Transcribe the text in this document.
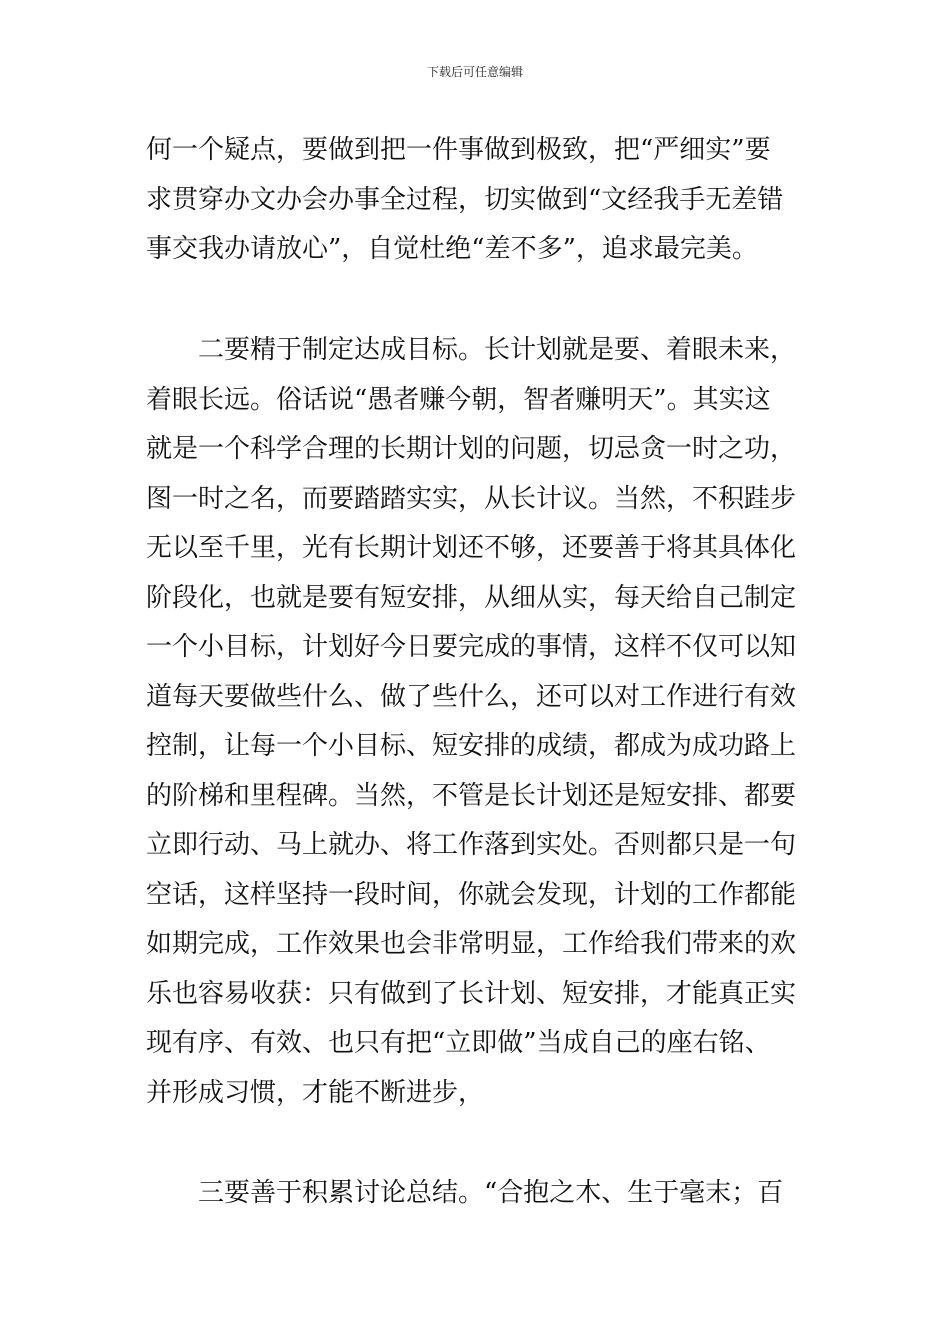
下载后可任意编辑
何一个疑点，要做到把一件事做到极致，把“严细实”要
求贯穿办文办会办事全过程，切实做到“文经我手无差错
事交我办请放心”，自觉杜绝“差不多”，追求最完美。
　　二要精于制定达成目标。长计划就是要、着眼未来，
着眼长远。俗话说“愚者赚今朝，智者赚明天”。其实这
就是一个科学合理的长期计划的问题，切忌贪一时之功，
图一时之名，而要踏踏实实，从长计议。当然，不积跬步
无以至千里，光有长期计划还不够，还要善于将其具体化
阶段化，也就是要有短安排，从细从实，每天给自己制定
一个小目标，计划好今日要完成的事情，这样不仅可以知
道每天要做些什么、做了些什么，还可以对工作进行有效
控制，让每一个小目标、短安排的成绩，都成为成功路上
的阶梯和里程碑。当然，不管是长计划还是短安排、都要
立即行动、马上就办、将工作落到实处。否则都只是一句
空话，这样坚持一段时间，你就会发现，计划的工作都能
如期完成，工作效果也会非常明显，工作给我们带来的欢
乐也容易收获：只有做到了长计划、短安排，才能真正实
现有序、有效、也只有把“立即做”当成自己的座右铭、
并形成习惯，才能不断进步，
　　三要善于积累讨论总结。“合抱之木、生于毫末；百
